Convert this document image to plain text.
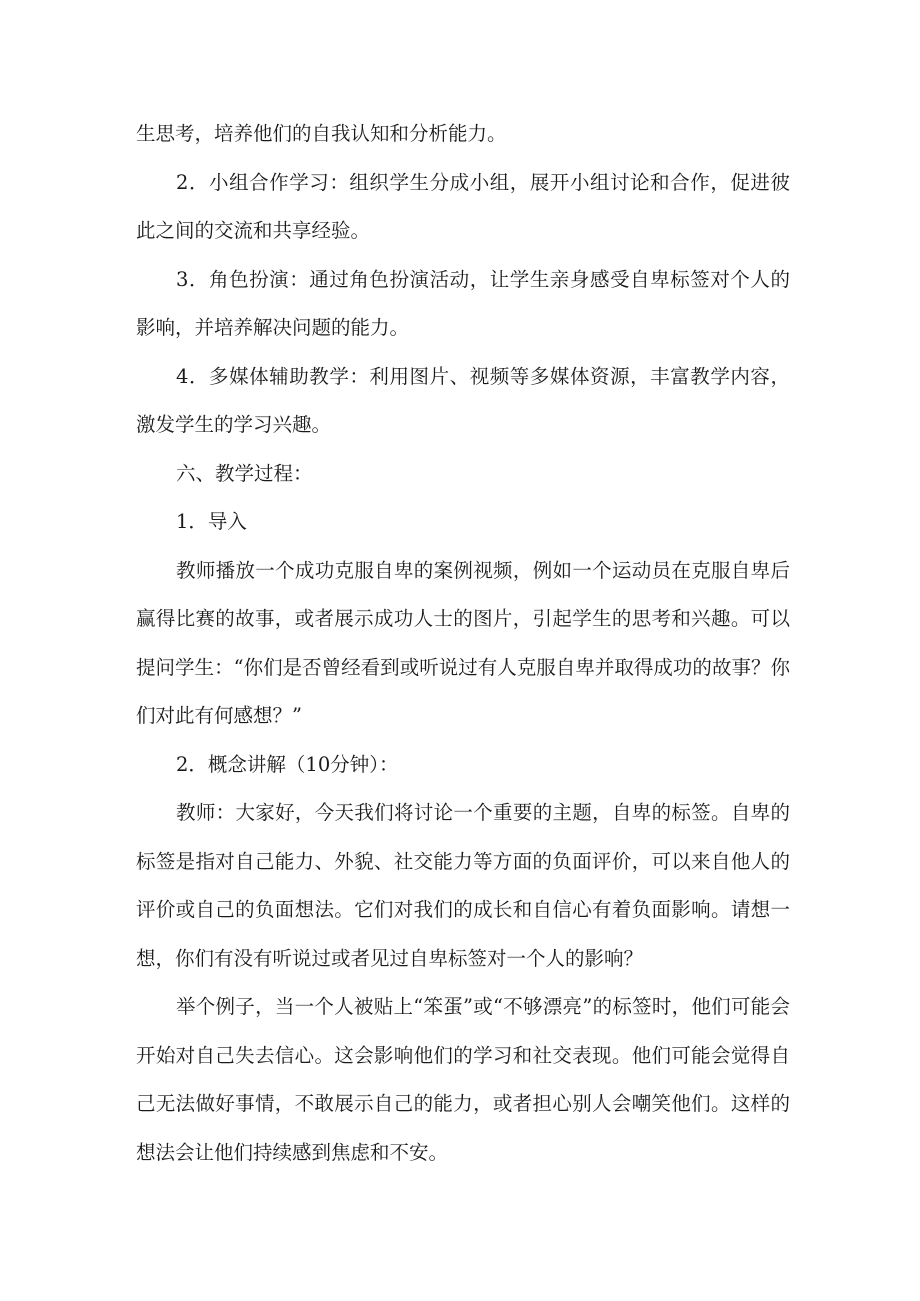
生思考，培养他们的自我认知和分析能力。

2．小组合作学习：组织学生分成小组，展开小组讨论和合作，促进彼此之间的交流和共享经验。

3．角色扮演：通过角色扮演活动，让学生亲身感受自卑标签对个人的影响，并培养解决问题的能力。

4．多媒体辅助教学：利用图片、视频等多媒体资源，丰富教学内容，激发学生的学习兴趣。

六、教学过程：

1．导入

教师播放一个成功克服自卑的案例视频，例如一个运动员在克服自卑后赢得比赛的故事，或者展示成功人士的图片，引起学生的思考和兴趣。可以提问学生：“你们是否曾经看到或听说过有人克服自卑并取得成功的故事？你们对此有何感想？”

2．概念讲解（10分钟）：

教师：大家好，今天我们将讨论一个重要的主题，自卑的标签。自卑的标签是指对自己能力、外貌、社交能力等方面的负面评价，可以来自他人的评价或自己的负面想法。它们对我们的成长和自信心有着负面影响。请想一想，你们有没有听说过或者见过自卑标签对一个人的影响？

举个例子，当一个人被贴上“笨蛋”或“不够漂亮”的标签时，他们可能会开始对自己失去信心。这会影响他们的学习和社交表现。他们可能会觉得自己无法做好事情，不敢展示自己的能力，或者担心别人会嘲笑他们。这样的想法会让他们持续感到焦虑和不安。
